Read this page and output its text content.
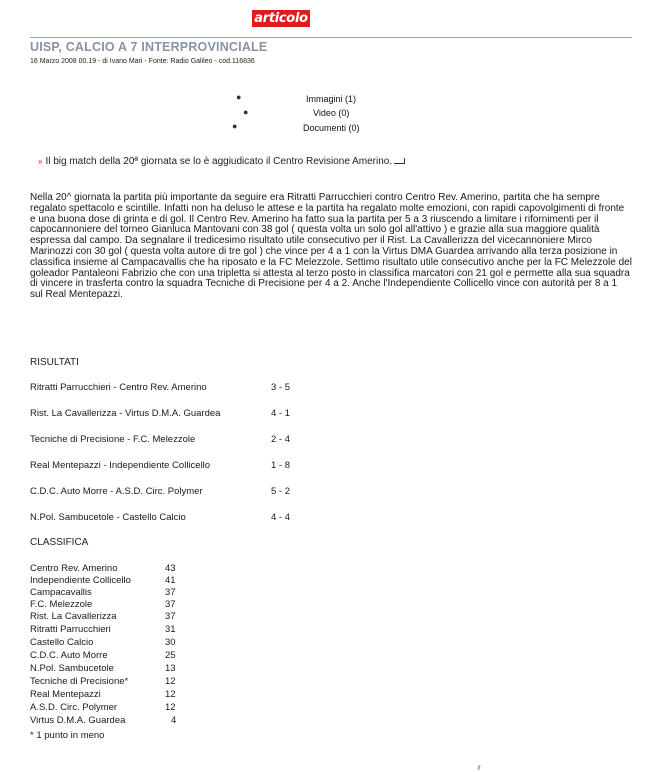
articolo
UISP, CALCIO A 7 INTERPROVINCIALE
16 Marzo 2008 00.19 - di Ivano Mari - Fonte: Radio Galileo - cod.116836
●	Immagini (1)
●	Video (0)
●	Documenti (0)
» Il big match della 20ª giornata se lo è aggiudicato il Centro Revisione Amerino.
Nella 20^ giornata la partita più importante da seguire era Ritratti Parrucchieri contro Centro Rev. Amerino, partita che ha sempre regalato spettacolo e scintille. Infatti non ha deluso le attese e la partita ha regalato molte emozioni, con rapidi capovolgimenti di fronte e una buona dose di grinta e di gol. Il Centro Rev. Amerino ha fatto sua la partita per 5 a 3 riuscendo a limitare i rifornimenti per il capocannoniere del torneo Gianluca Mantovani con 38 gol ( questa volta un solo gol all'attivo ) e grazie alla sua maggiore qualità espressa dal campo. Da segnalare il tredicesimo risultato utile consecutivo per il Rist. La Cavallerizza del vicecannoniere Mirco Marinozzi con 30 gol ( questa volta autore di tre gol ) che vince per 4 a 1 con la Virtus DMA Guardea arrivando alla terza posizione in classifica insieme al Campacavallis che ha riposato e la FC Melezzole. Settimo risultato utile consecutivo anche per la FC Melezzole del goleador Pantaleoni Fabrizio che con una tripletta si attesta al terzo posto in classifica marcatori con 21 gol e permette alla sua squadra di vincere in trasferta contro la squadra Tecniche di Precisione per 4 a 2. Anche l'Independiente Collicello vince con autorità per 8 a 1 sul Real Mentepazzi.
RISULTATI
Ritratti Parrucchieri - Centro Rev. Amerino	3 - 5
Rist. La Cavallerizza - Virtus D.M.A. Guardea	4 - 1
Tecniche di Precisione - F.C. Melezzole	2 - 4
Real Mentepazzi - Independiente Collicello	1 - 8
C.D.C. Auto Morre - A.S.D. Circ. Polymer	5 - 2
N.Pol. Sambucetole - Castello Calcio	4 - 4
CLASSIFICA
Centro Rev. Amerino	43
Independiente Collicello	41
Campacavallis	37
F.C. Melezzole	37
Rist. La Cavallerizza	37
Ritratti Parrucchieri	31
Castello Calcio	30
C.D.C. Auto Morre	25
N.Pol. Sambucetole	13
Tecniche di Precisione*	12
Real Mentepazzi	12
A.S.D. Circ. Polymer	12
Virtus D.M.A. Guardea	4
* 1 punto in meno
r
